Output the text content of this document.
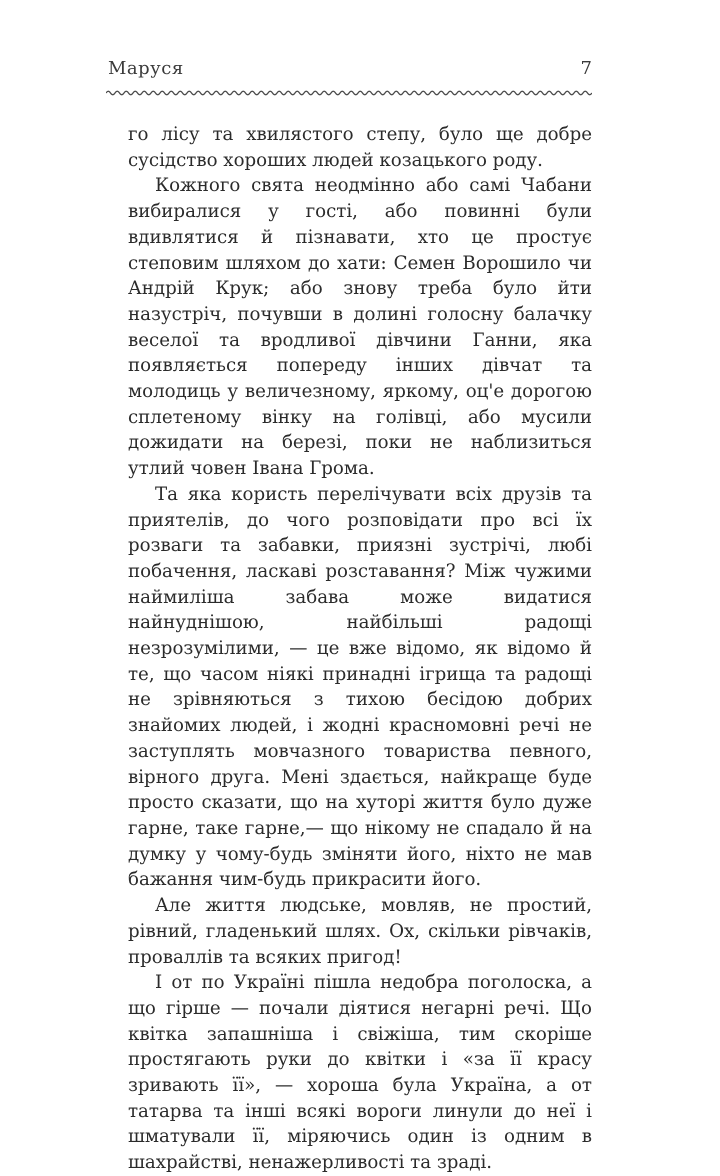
Маруся	7

го лісу та хвилястого степу, було ще добре сусідство хороших людей козацького роду.

Кожного свята неодмінно або самі Чабани вибиралися у гості, або повинні були вдивлятися й пізнавати, хто це простує степовим шляхом до хати: Семен Ворошило чи Андрій Крук; або знову треба було йти назустріч, почувши в долині голосну балачку веселої та вродливої дівчини Ганни, яка появляється попереду інших дівчат та молодиць у величезному, яркому, оц'е дорогою сплетеному вінку на голівці, або мусили дожидати на березі, поки не наблизиться утлий човен Івана Грома.

Та яка користь перелічувати всіх друзів та приятелів, до чого розповідати про всі їх розваги та забавки, приязні зустрічі, любі побачення, ласкаві розставання? Між чужими наймиліша забава може видатися найнуднішою, найбільші радощі незрозумілими, — це вже відомо, як відомо й те, що часом ніякі принадні ігрища та радощі не зрівняються з тихою бесідою добрих знайомих людей, і жодні красномовні речі не заступлять мовчазного товариства певного, вірного друга. Мені здається, найкраще буде просто сказати, що на хуторі життя було дуже гарне, таке гарне,— що нікому не спадало й на думку у чому-будь зміняти його, ніхто не мав бажання чим-будь прикрасити його.

Але життя людське, мовляв, не простий, рівний, гладенький шлях. Ох, скільки рівчаків, проваллів та всяких пригод!

І от по Україні пішла недобра поголоска, а що гірше — почали діятися негарні речі. Що квітка запашніша і свіжіша, тим скоріше простягають руки до квітки і «за її красу зривають її», — хороша була Україна, а от татарва та інші всякі вороги линули до неї і шматували її, міряючись один із одним в шахрайстві, ненажерливості та зраді.
